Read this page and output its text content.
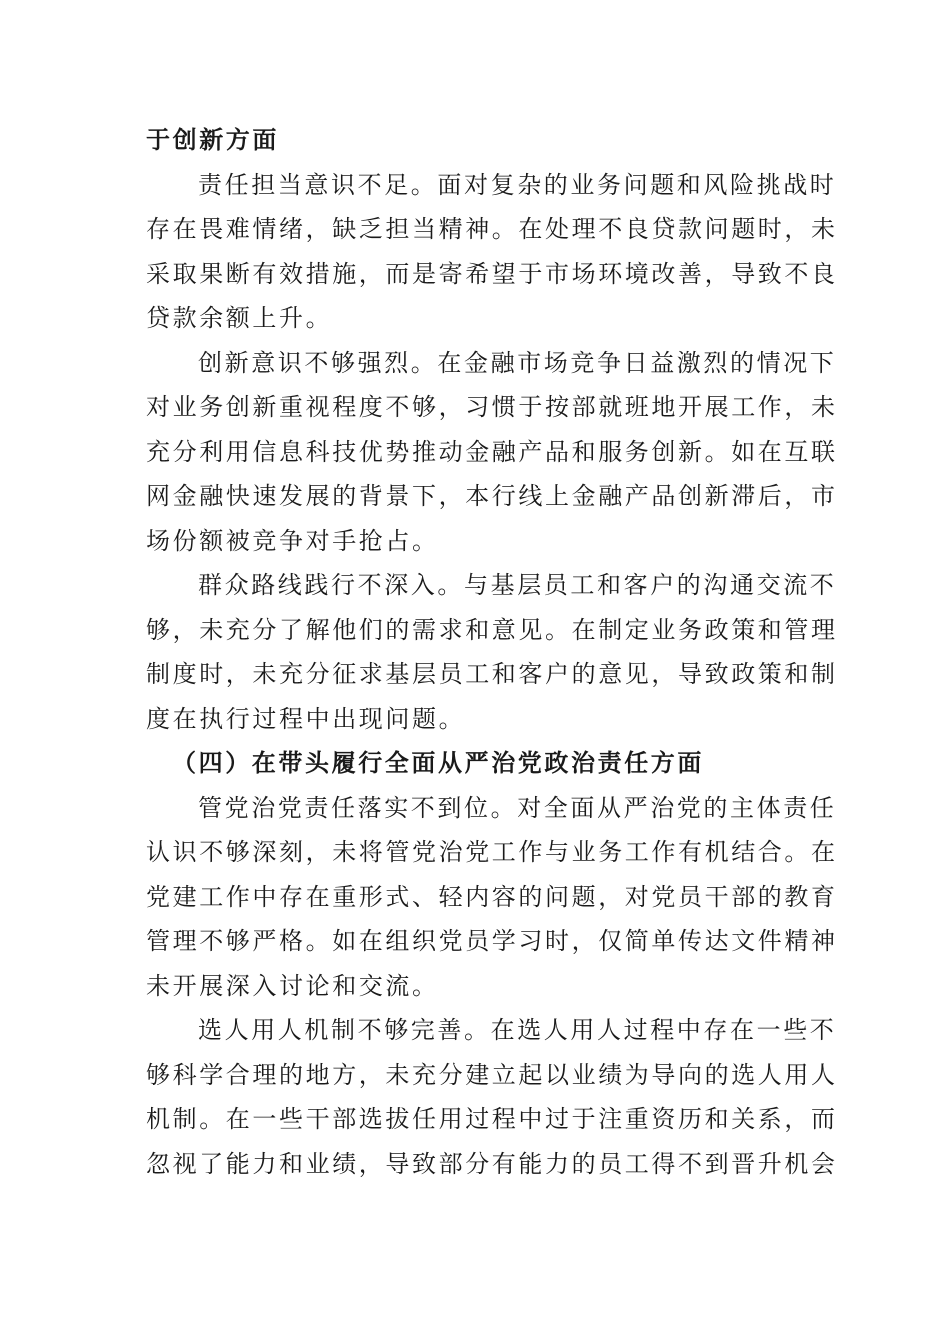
于创新方面
责任担当意识不足。面对复杂的业务问题和风险挑战时
存在畏难情绪，缺乏担当精神。在处理不良贷款问题时，未
采取果断有效措施，而是寄希望于市场环境改善，导致不良
贷款余额上升。
创新意识不够强烈。在金融市场竞争日益激烈的情况下
对业务创新重视程度不够，习惯于按部就班地开展工作，未
充分利用信息科技优势推动金融产品和服务创新。如在互联
网金融快速发展的背景下，本行线上金融产品创新滞后，市
场份额被竞争对手抢占。
群众路线践行不深入。与基层员工和客户的沟通交流不
够，未充分了解他们的需求和意见。在制定业务政策和管理
制度时，未充分征求基层员工和客户的意见，导致政策和制
度在执行过程中出现问题。
（四）在带头履行全面从严治党政治责任方面
管党治党责任落实不到位。对全面从严治党的主体责任
认识不够深刻，未将管党治党工作与业务工作有机结合。在
党建工作中存在重形式、轻内容的问题，对党员干部的教育
管理不够严格。如在组织党员学习时，仅简单传达文件精神
未开展深入讨论和交流。
选人用人机制不够完善。在选人用人过程中存在一些不
够科学合理的地方，未充分建立起以业绩为导向的选人用人
机制。在一些干部选拔任用过程中过于注重资历和关系，而
忽视了能力和业绩，导致部分有能力的员工得不到晋升机会
